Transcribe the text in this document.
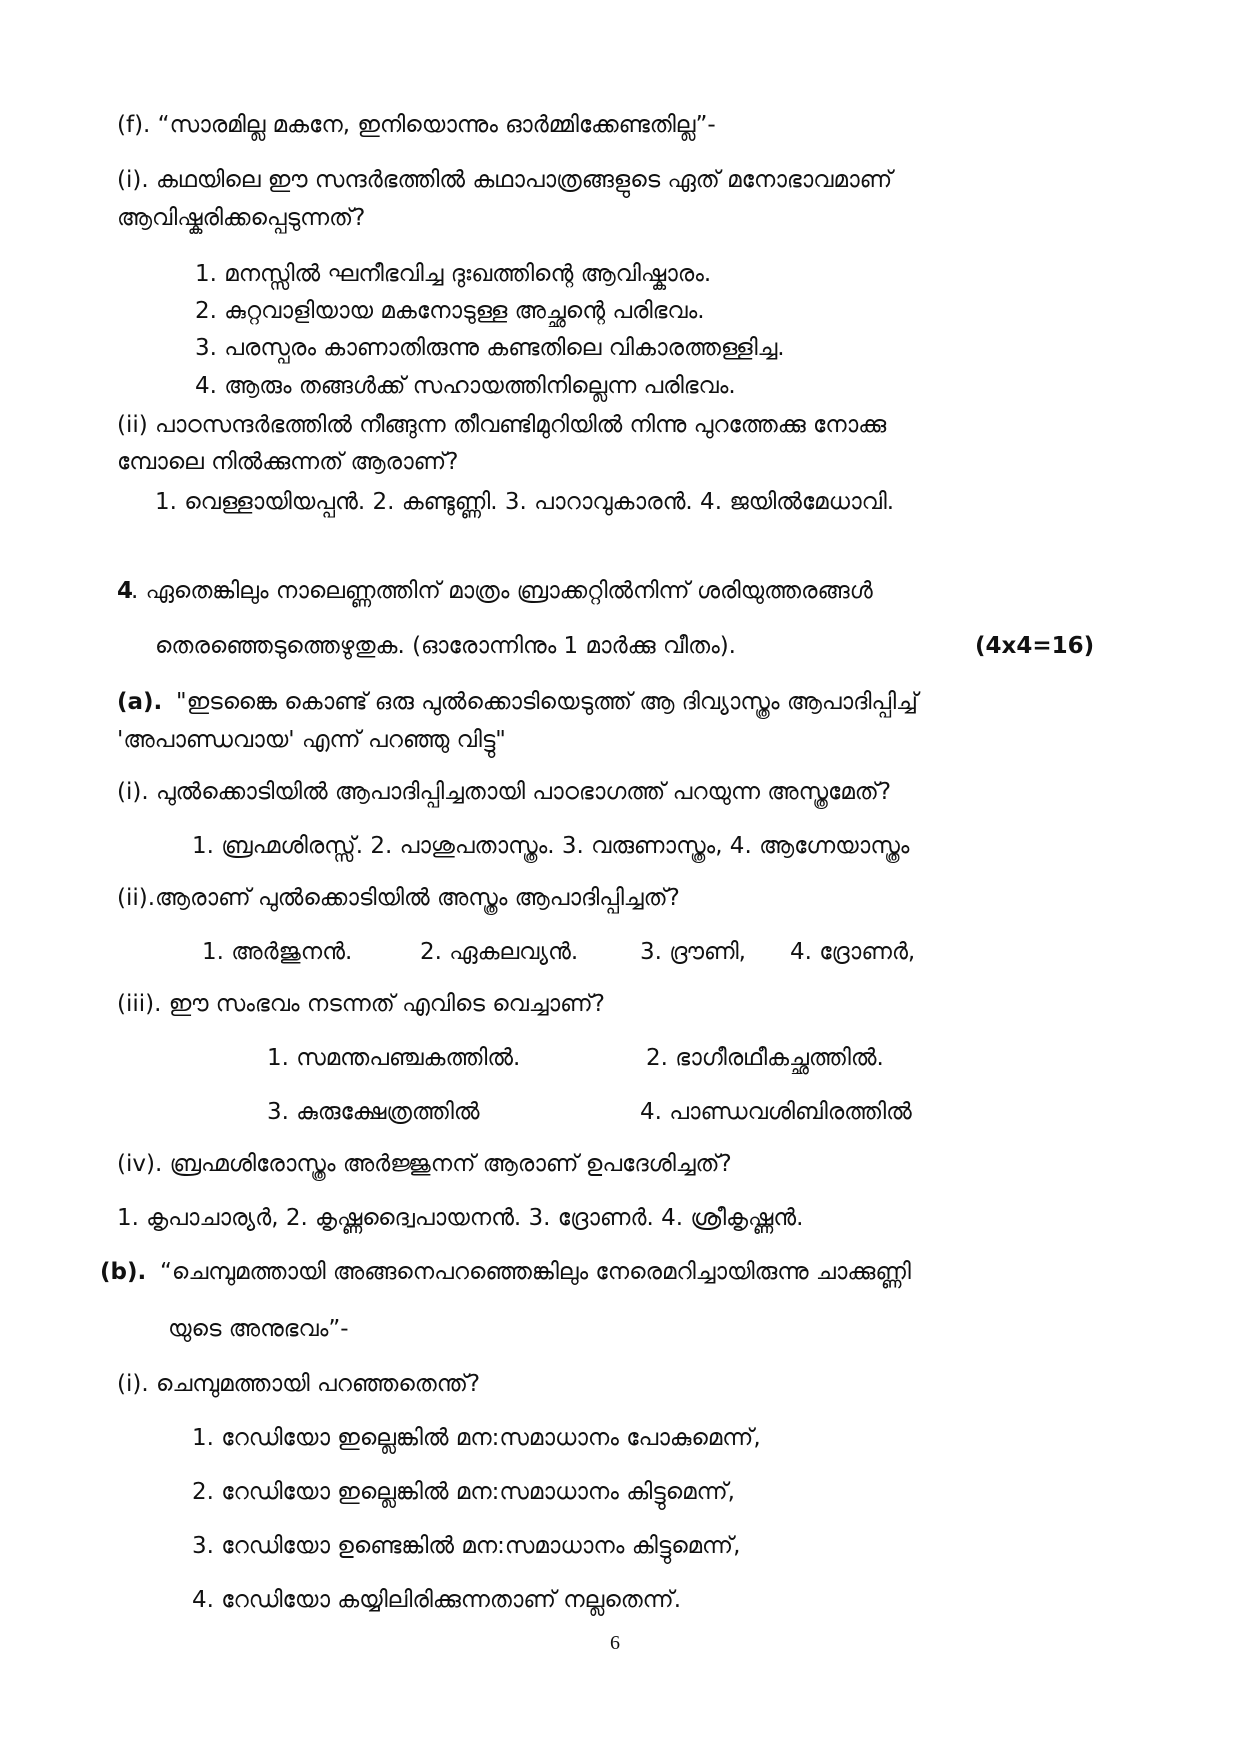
(f). “സാരമില്ല മകനേ, ഇനിയൊന്നും ഓർമ്മിക്കേണ്ടതില്ല”-
(i). കഥയിലെ ഈ സന്ദർഭത്തിൽ കഥാപാത്രങ്ങളുടെ ഏത് മനോഭാവമാണ്
ആവിഷ്കരിക്കപ്പെടുന്നത്?
1. മനസ്സിൽ ഘനീഭവിച്ച ദുഃഖത്തിന്റെ ആവിഷ്കാരം.
2. കുറ്റവാളിയായ മകനോടുള്ള അച്ഛന്റെ പരിഭവം.
3. പരസ്പരം കാണാതിരുന്നു കണ്ടതിലെ വികാരത്തള്ളിച്ച.
4. ആരും തങ്ങൾക്ക് സഹായത്തിനില്ലെന്ന പരിഭവം.
(ii) പാഠസന്ദർഭത്തിൽ നീങ്ങുന്ന തീവണ്ടിമുറിയിൽ നിന്നു പുറത്തേക്കു നോക്കു
മ്പോലെ നിൽക്കുന്നത് ആരാണ്?
1. വെള്ളായിയപ്പൻ. 2. കണ്ടുണ്ണി. 3. പാറാവുകാരൻ. 4. ജയിൽമേധാവി.
4
. ഏതെങ്കിലും നാലെണ്ണത്തിന് മാത്രം ബ്രാക്കറ്റിൽനിന്ന് ശരിയുത്തരങ്ങൾ
തെരഞ്ഞെടുത്തെഴുതുക. (ഓരോന്നിനും 1 മാർക്കു വീതം).	(4x4=16)
(a). "ഇടങ്കൈ കൊണ്ട് ഒരു പുൽക്കൊടിയെടുത്ത് ആ ദിവ്യാസ്ത്രം ആപാദിപ്പിച്ച്
'അപാണ്ഡവായ' എന്ന് പറഞ്ഞു വിട്ടു"
(i). പുൽക്കൊടിയിൽ ആപാദിപ്പിച്ചതായി പാഠഭാഗത്ത് പറയുന്ന അസ്ത്രമേത്?
1. ബ്രഹ്മശിരസ്സ്. 2. പാശുപതാസ്ത്രം. 3. വരുണാസ്ത്രം, 4. ആഗ്നേയാസ്ത്രം
(ii).ആരാണ് പുൽക്കൊടിയിൽ അസ്ത്രം ആപാദിപ്പിച്ചത്?
1. അർജുനൻ.	2. ഏകലവ്യൻ.	3. ദ്രൗണി, 4. ദ്രോണർ,
(iii). ഈ സംഭവം നടന്നത് എവിടെ വെച്ചാണ്?
1. സമന്തപഞ്ചകത്തിൽ.	2. ഭാഗീരഥീകച്ഛത്തിൽ.
3. കുരുക്ഷേത്രത്തിൽ	4. പാണ്ഡവശിബിരത്തിൽ
(iv). ബ്രഹ്മശിരോസ്ത്രം അർജ്ജുനന് ആരാണ് ഉപദേശിച്ചത്?
1. കൃപാചാര്യർ, 2. കൃഷ്ണദ്വൈപായനൻ. 3. ദ്രോണർ. 4. ശ്രീകൃഷ്ണൻ.
(b). “ചെമ്പുമത്തായി അങ്ങനെപറഞ്ഞെങ്കിലും നേരെമറിച്ചായിരുന്നു ചാക്കുണ്ണി
യുടെ അനുഭവം”-
(i). ചെമ്പുമത്തായി പറഞ്ഞതെന്ത്?
1. റേഡിയോ ഇല്ലെങ്കിൽ മന:സമാധാനം പോകുമെന്ന്,
2. റേഡിയോ ഇല്ലെങ്കിൽ മന:സമാധാനം കിട്ടുമെന്ന്,
3. റേഡിയോ ഉണ്ടെങ്കിൽ മന:സമാധാനം കിട്ടുമെന്ന്,
4. റേഡിയോ കയ്യിലിരിക്കുന്നതാണ് നല്ലതെന്ന്.
6
